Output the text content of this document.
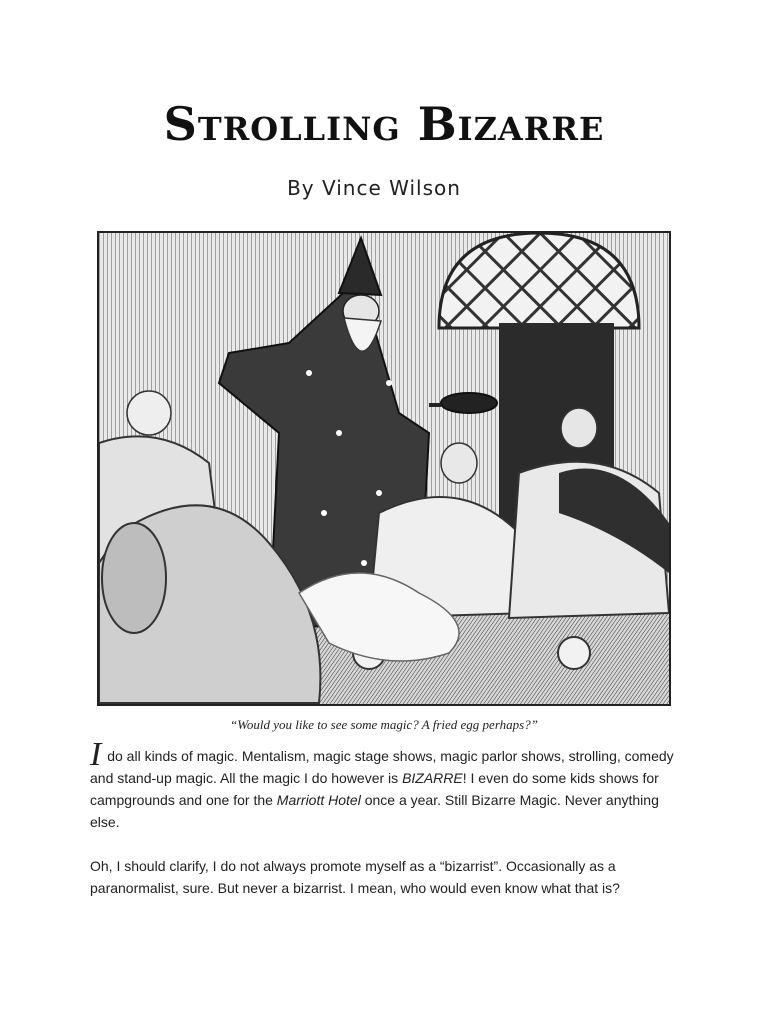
Strolling Bizarre
By Vince Wilson
“Would you like to see some magic? A fried egg perhaps?”

I do all kinds of magic. Mentalism, magic stage shows, magic parlor shows, strolling, comedy and stand-up magic. All the magic I do however is BIZARRE! I even do some kids shows for campgrounds and one for the Marriott Hotel once a year. Still Bizarre Magic. Never anything else.

Oh, I should clarify, I do not always promote myself as a “bizarrist”. Occasionally as a paranormalist, sure. But never a bizarrist. I mean, who would even know what that is?
